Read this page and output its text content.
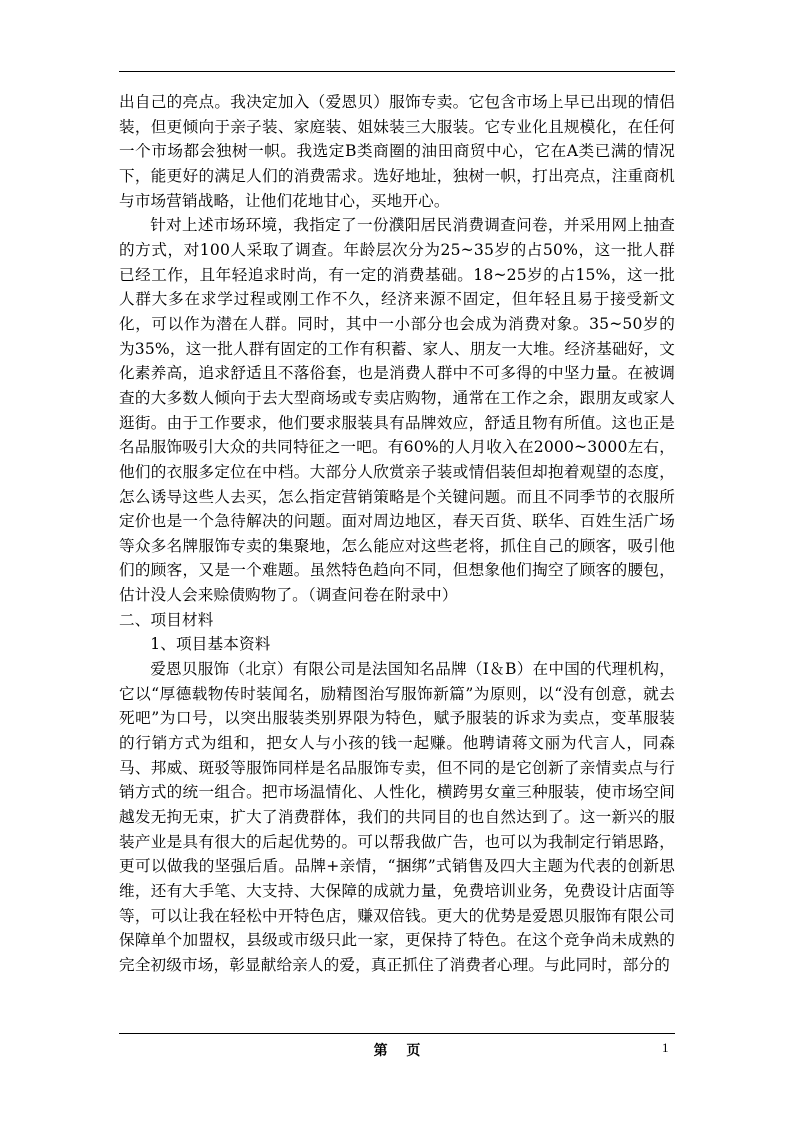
出自己的亮点。我决定加入（爱恩贝）服饰专卖。它包含市场上早已出现的情侣装，但更倾向于亲子装、家庭装、姐妹装三大服装。它专业化且规模化，在任何一个市场都会独树一帜。我选定B类商圈的油田商贸中心，它在A类已满的情况下，能更好的满足人们的消费需求。选好地址，独树一帜，打出亮点，注重商机与市场营销战略，让他们花地甘心，买地开心。

针对上述市场环境，我指定了一份濮阳居民消费调查问卷，并采用网上抽查的方式，对100人采取了调查。年龄层次分为25~35岁的占50%，这一批人群已经工作，且年轻追求时尚，有一定的消费基础。18~25岁的占15%，这一批人群大多在求学过程或刚工作不久，经济来源不固定，但年轻且易于接受新文化，可以作为潜在人群。同时，其中一小部分也会成为消费对象。35~50岁的为35%，这一批人群有固定的工作有积蓄、家人、朋友一大堆。经济基础好，文化素养高，追求舒适且不落俗套，也是消费人群中不可多得的中坚力量。在被调查的大多数人倾向于去大型商场或专卖店购物，通常在工作之余，跟朋友或家人逛街。由于工作要求，他们要求服装具有品牌效应，舒适且物有所值。这也正是名品服饰吸引大众的共同特征之一吧。有60%的人月收入在2000~3000左右，他们的衣服多定位在中档。大部分人欣赏亲子装或情侣装但却抱着观望的态度，怎么诱导这些人去买，怎么指定营销策略是个关键问题。而且不同季节的衣服所定价也是一个急待解决的问题。面对周边地区，春天百货、联华、百姓生活广场等众多名牌服饰专卖的集聚地，怎么能应对这些老将，抓住自己的顾客，吸引他们的顾客，又是一个难题。虽然特色趋向不同，但想象他们掏空了顾客的腰包，估计没人会来赊债购物了。（调查问卷在附录中）

二、项目材料

1、项目基本资料

爱恩贝服饰（北京）有限公司是法国知名品牌（I＆B）在中国的代理机构，它以“厚德载物传时装闻名，励精图治写服饰新篇”为原则，以“没有创意，就去死吧”为口号，以突出服装类别界限为特色，赋予服装的诉求为卖点，变革服装的行销方式为组和，把女人与小孩的钱一起赚。他聘请蒋文丽为代言人，同森马、邦威、斑驳等服饰同样是名品服饰专卖，但不同的是它创新了亲情卖点与行销方式的统一组合。把市场温情化、人性化，横跨男女童三种服装，使市场空间越发无拘无束，扩大了消费群体，我们的共同目的也自然达到了。这一新兴的服装产业是具有很大的后起优势的。可以帮我做广告，也可以为我制定行销思路，更可以做我的坚强后盾。品牌+亲情，“捆绑”式销售及四大主题为代表的创新思维，还有大手笔、大支持、大保障的成就力量，免费培训业务，免费设计店面等等，可以让我在轻松中开特色店，赚双倍钱。更大的优势是爱恩贝服饰有限公司保障单个加盟权，县级或市级只此一家，更保持了特色。在这个竞争尚未成熟的完全初级市场，彰显献给亲人的爱，真正抓住了消费者心理。与此同时，部分的

第 页	1
